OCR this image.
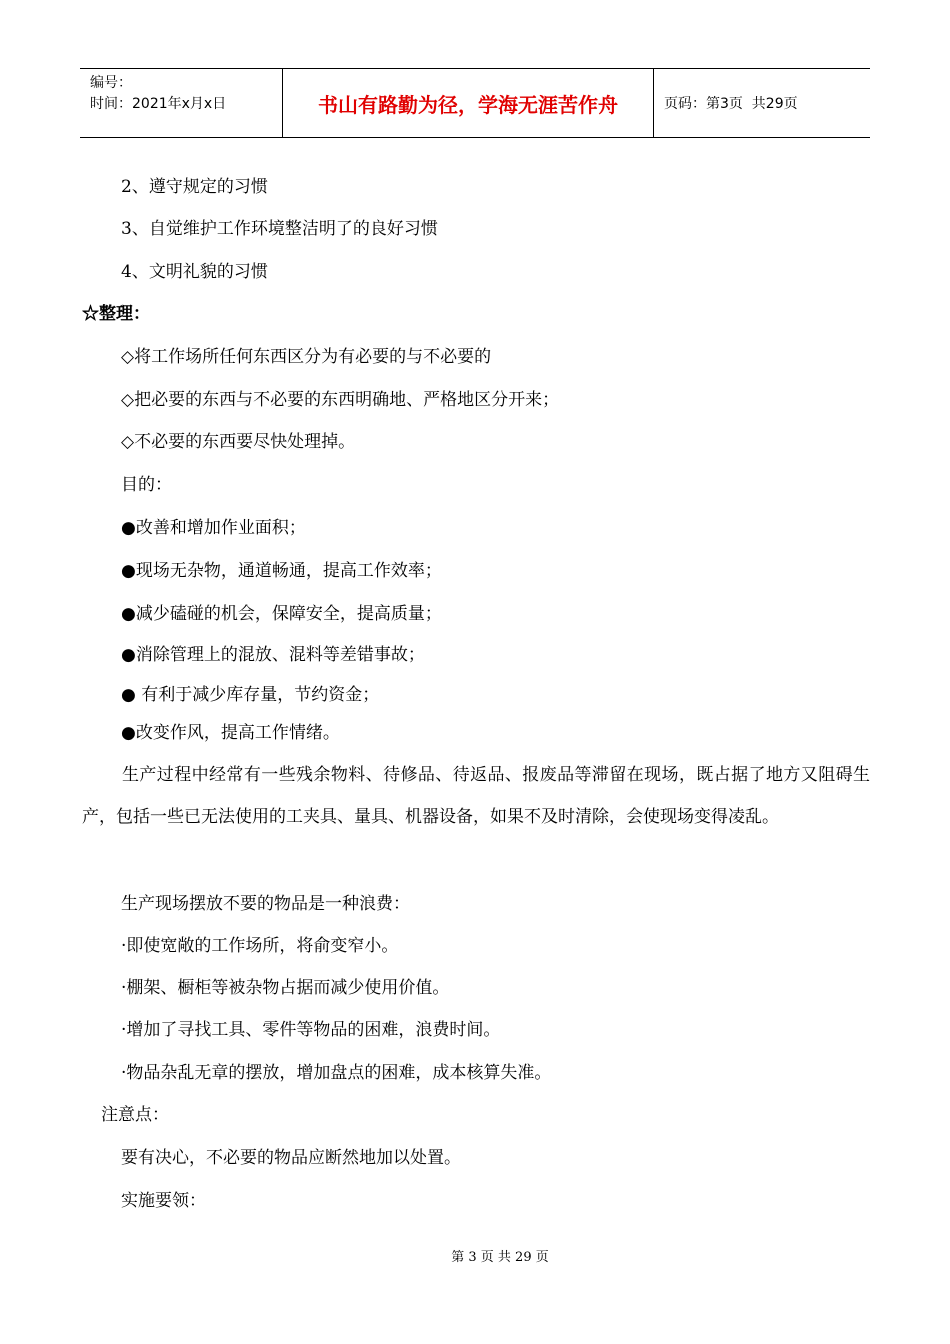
编号：
时间：2021年x月x日	书山有路勤为径，学海无涯苦作舟	页码：第3页  共29页
2、遵守规定的习惯
3、自觉维护工作环境整洁明了的良好习惯
4、文明礼貌的习惯
☆整理：
◇将工作场所任何东西区分为有必要的与不必要的
◇把必要的东西与不必要的东西明确地、严格地区分开来；
◇不必要的东西要尽快处理掉。
目的：
●改善和增加作业面积；
●现场无杂物，通道畅通，提高工作效率；
●减少磕碰的机会，保障安全，提高质量；
●消除管理上的混放、混料等差错事故；
● 有利于减少库存量，节约资金；
●改变作风，提高工作情绪。
生产过程中经常有一些残余物料、待修品、待返品、报废品等滞留在现场，既占据了地方又阻碍生产，包括一些已无法使用的工夹具、量具、机器设备，如果不及时清除，会使现场变得凌乱。
生产现场摆放不要的物品是一种浪费：
·即使宽敞的工作场所，将俞变窄小。
·棚架、橱柜等被杂物占据而减少使用价值。
·增加了寻找工具、零件等物品的困难，浪费时间。
·物品杂乱无章的摆放，增加盘点的困难，成本核算失准。
注意点：
要有决心，不必要的物品应断然地加以处置。
实施要领：
第 3 页 共 29 页
